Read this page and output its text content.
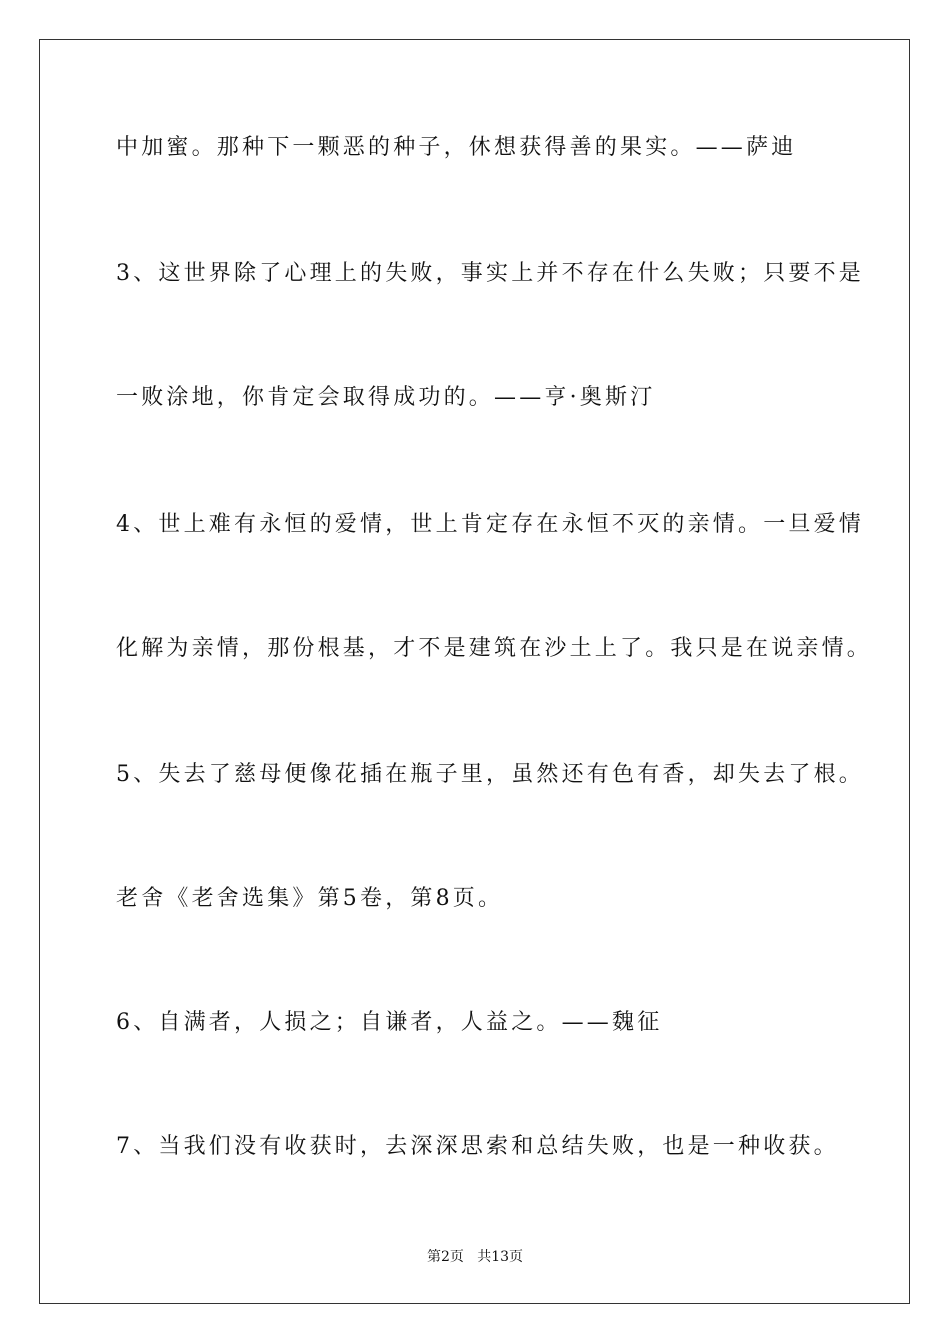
中加蜜。那种下一颗恶的种子，休想获得善的果实。——萨迪
3、这世界除了心理上的失败，事实上并不存在什么失败；只要不是
一败涂地，你肯定会取得成功的。——亨·奥斯汀
4、世上难有永恒的爱情，世上肯定存在永恒不灭的亲情。一旦爱情
化解为亲情，那份根基，才不是建筑在沙土上了。我只是在说亲情。
5、失去了慈母便像花插在瓶子里，虽然还有色有香，却失去了根。
老舍《老舍选集》第5卷，第8页。
6、自满者，人损之；自谦者，人益之。——魏征
7、当我们没有收获时，去深深思索和总结失败，也是一种收获。
第2页   共13页
